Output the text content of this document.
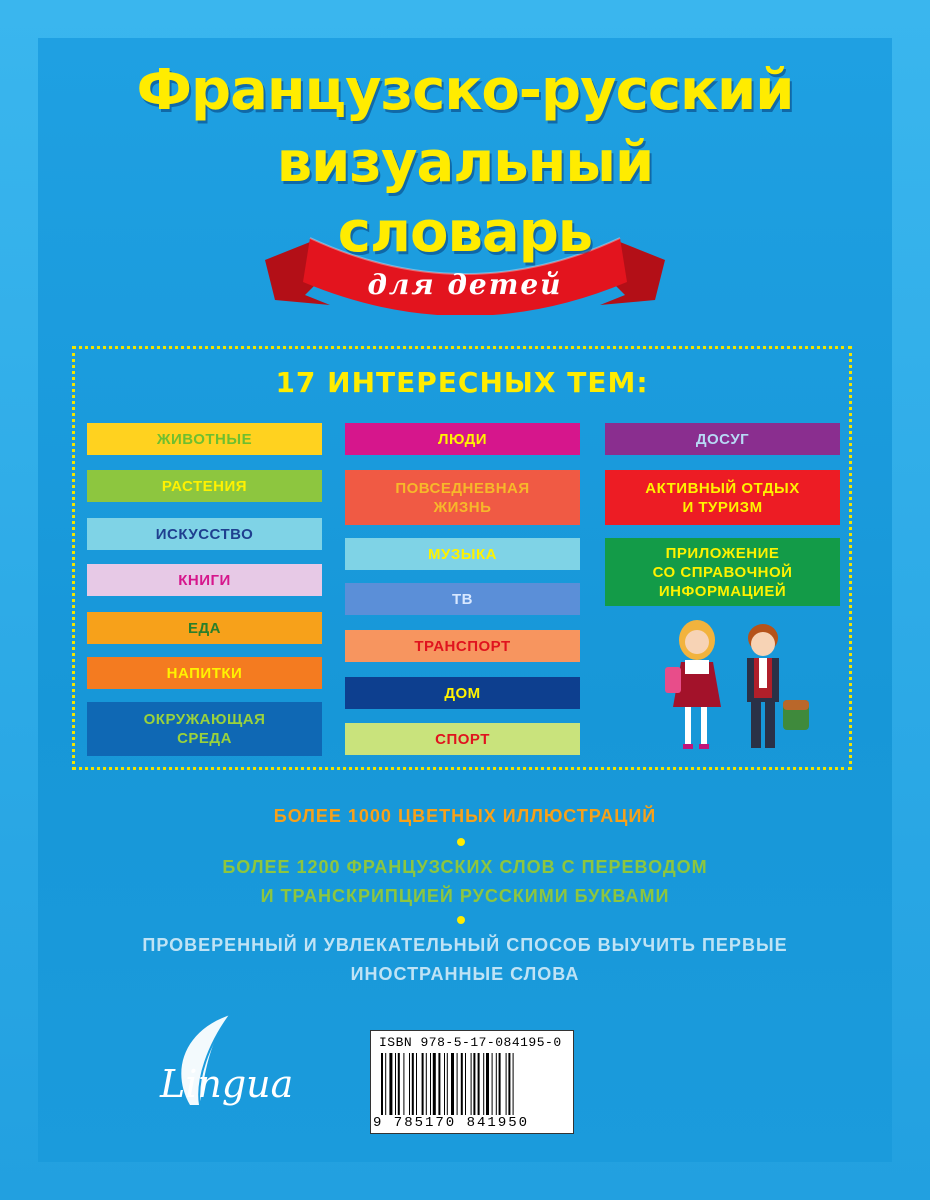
Французско-русский
визуальный
словарь
для детей
17 ИНТЕРЕСНЫХ ТЕМ:
ЖИВОТНЫЕ
РАСТЕНИЯ
ИСКУССТВО
КНИГИ
ЕДА
НАПИТКИ
ОКРУЖАЮЩАЯ
СРЕДА
ЛЮДИ
ПОВСЕДНЕВНАЯ
ЖИЗНЬ
МУЗЫКА
ТВ
ТРАНСПОРТ
ДОМ
СПОРТ
ДОСУГ
АКТИВНЫЙ ОТДЫХ
И ТУРИЗМ
ПРИЛОЖЕНИЕ
СО СПРАВОЧНОЙ
ИНФОРМАЦИЕЙ
БОЛЕЕ 1000 ЦВЕТНЫХ ИЛЛЮСТРАЦИЙ
БОЛЕЕ 1200 ФРАНЦУЗСКИХ СЛОВ С ПЕРЕВОДОМ
И ТРАНСКРИПЦИЕЙ РУССКИМИ БУКВАМИ
ПРОВЕРЕННЫЙ И УВЛЕКАТЕЛЬНЫЙ СПОСОБ ВЫУЧИТЬ ПЕРВЫЕ
ИНОСТРАННЫЕ СЛОВА
Lingua
ISBN 978-5-17-084195-0
9 785170 841950
